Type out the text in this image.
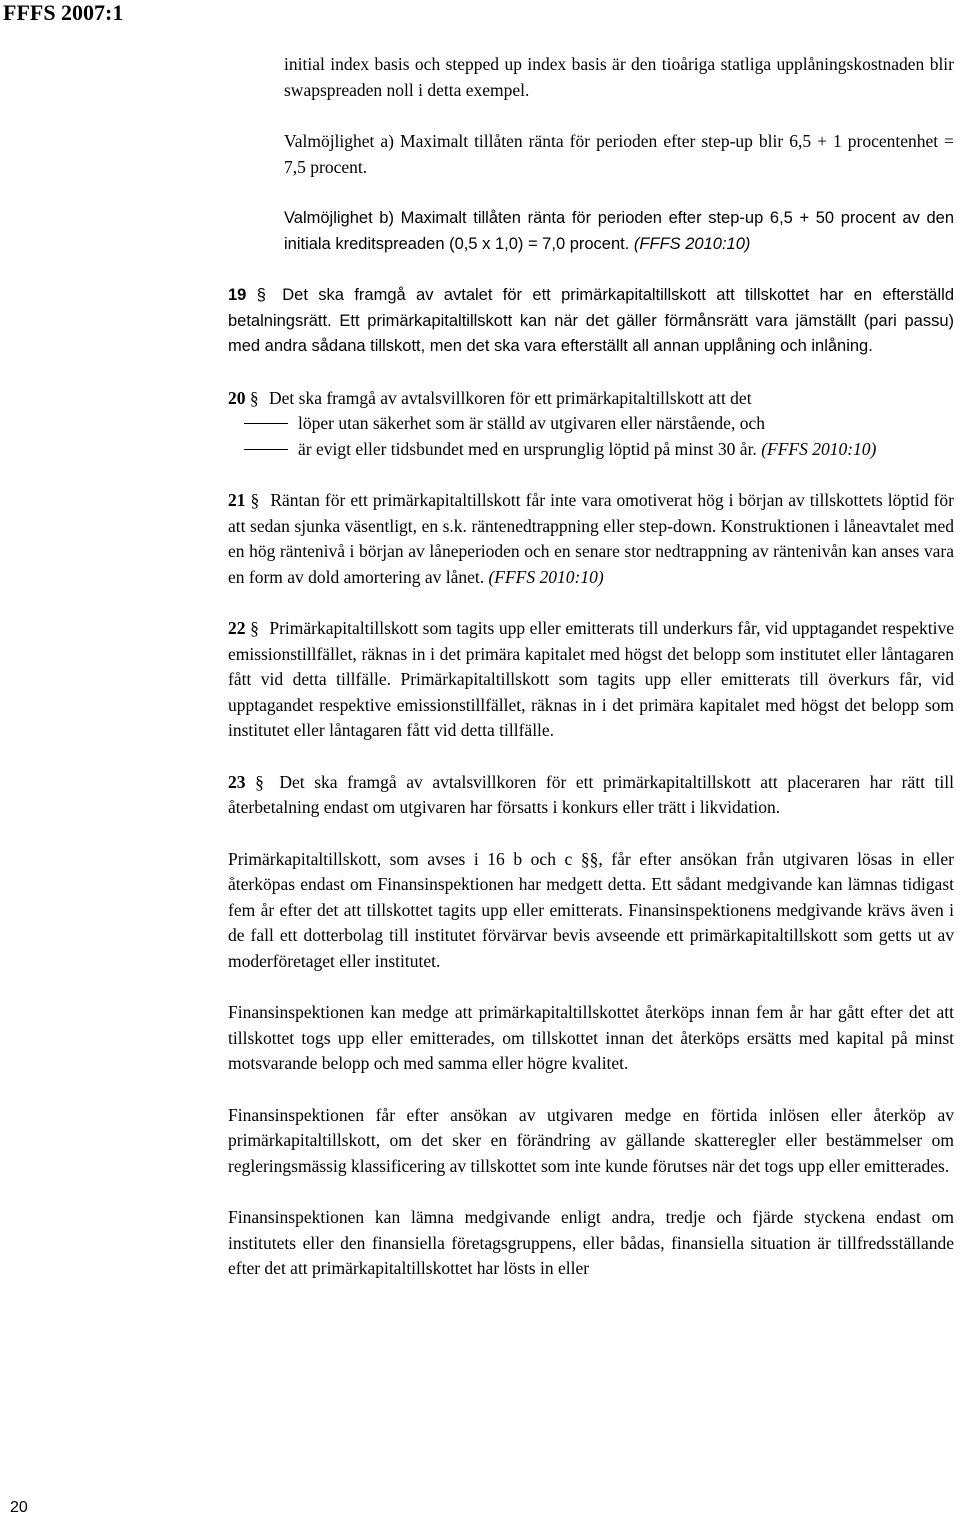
FFFS 2007:1

initial index basis och stepped up index basis är den tioåriga statliga upplåningskostnaden blir swapspreaden noll i detta exempel.

Valmöjlighet a) Maximalt tillåten ränta för perioden efter step-up blir 6,5 + 1 procentenhet = 7,5 procent.

Valmöjlighet b) Maximalt tillåten ränta för perioden efter step-up 6,5 + 50 procent av den initiala kreditspreaden (0,5 x 1,0) = 7,0 procent. (FFFS 2010:10)

19 § Det ska framgå av avtalet för ett primärkapitaltillskott att tillskottet har en efterställd betalningsrätt. Ett primärkapitaltillskott kan när det gäller förmånsrätt vara jämställt (pari passu) med andra sådana tillskott, men det ska vara efterställt all annan upplåning och inlåning.

20 § Det ska framgå av avtalsvillkoren för ett primärkapitaltillskott att det
löper utan säkerhet som är ställd av utgivaren eller närstående, och
är evigt eller tidsbundet med en ursprunglig löptid på minst 30 år. (FFFS 2010:10)

21 § Räntan för ett primärkapitaltillskott får inte vara omotiverat hög i början av tillskottets löptid för att sedan sjunka väsentligt, en s.k. räntenedtrappning eller step-down. Konstruktionen i låneavtalet med en hög räntenivå i början av låneperioden och en senare stor nedtrappning av räntenivån kan anses vara en form av dold amortering av lånet. (FFFS 2010:10)

22 § Primärkapitaltillskott som tagits upp eller emitterats till underkurs får, vid upptagandet respektive emissionstillfället, räknas in i det primära kapitalet med högst det belopp som institutet eller låntagaren fått vid detta tillfälle. Primärkapitaltillskott som tagits upp eller emitterats till överkurs får, vid upptagandet respektive emissionstillfället, räknas in i det primära kapitalet med högst det belopp som institutet eller låntagaren fått vid detta tillfälle.

23 § Det ska framgå av avtalsvillkoren för ett primärkapitaltillskott att placeraren har rätt till återbetalning endast om utgivaren har försatts i konkurs eller trätt i likvidation.

Primärkapitaltillskott, som avses i 16 b och c §§, får efter ansökan från utgivaren lösas in eller återköpas endast om Finansinspektionen har medgett detta. Ett sådant medgivande kan lämnas tidigast fem år efter det att tillskottet tagits upp eller emitterats. Finansinspektionens medgivande krävs även i de fall ett dotterbolag till institutet förvärvar bevis avseende ett primärkapitaltillskott som getts ut av moderföretaget eller institutet.

Finansinspektionen kan medge att primärkapitaltillskottet återköps innan fem år har gått efter det att tillskottet togs upp eller emitterades, om tillskottet innan det återköps ersätts med kapital på minst motsvarande belopp och med samma eller högre kvalitet.

Finansinspektionen får efter ansökan av utgivaren medge en förtida inlösen eller återköp av primärkapitaltillskott, om det sker en förändring av gällande skatteregler eller bestämmelser om regleringsmässig klassificering av tillskottet som inte kunde förutses när det togs upp eller emitterades.

Finansinspektionen kan lämna medgivande enligt andra, tredje och fjärde styckena endast om institutets eller den finansiella företagsgruppens, eller bådas, finansiella situation är tillfredsställande efter det att primärkapitaltillskottet har lösts in eller

20
